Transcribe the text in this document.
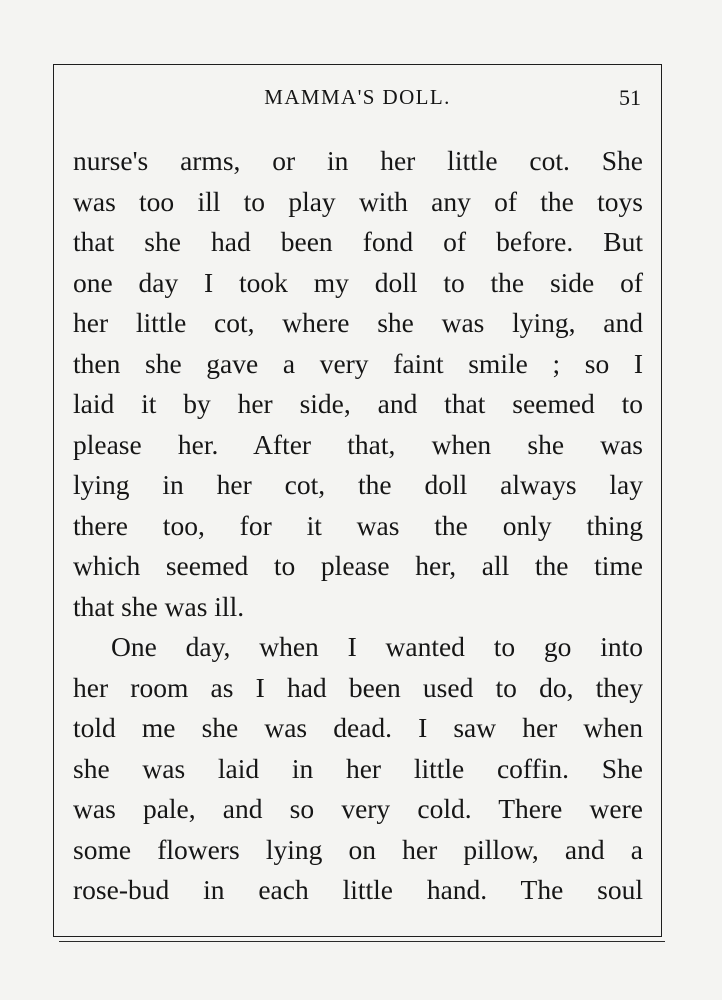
MAMMA'S DOLL.	51
nurse's arms, or in her little cot. She
was too ill to play with any of the toys
that she had been fond of before. But
one day I took my doll to the side of
her little cot, where she was lying, and
then she gave a very faint smile ; so I
laid it by her side, and that seemed to
please her. After that, when she was
lying in her cot, the doll always lay
there too, for it was the only thing
which seemed to please her, all the time
that she was ill.
One day, when I wanted to go into
her room as I had been used to do, they
told me she was dead. I saw her when
she was laid in her little coffin. She
was pale, and so very cold. There were
some flowers lying on her pillow, and a
rose-bud in each little hand. The soul
